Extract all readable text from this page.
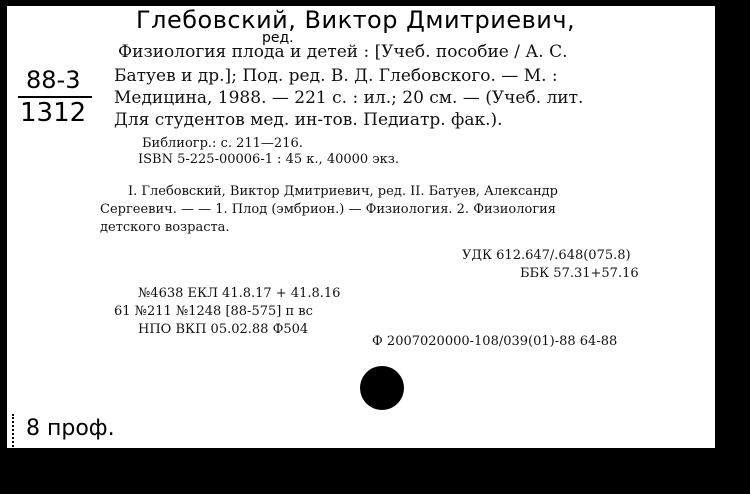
Глебовский, Виктор Дмитриевич,
ред.
88-3
1312
Физиология плода и детей : [Учеб. пособие / А. С.
Батуев и др.]; Под. ред. В. Д. Глебовского. — М. :
Медицина, 1988. — 221 с. : ил.; 20 см. — (Учеб. лит.
Для студентов мед. ин-тов. Педиатр. фак.).
Библиогр.: с. 211—216.
ISBN 5-225-00006-1 : 45 к., 40000 экз.
I. Глебовский, Виктор Дмитриевич, ред. II. Батуев, Александр
Сергеевич. — — 1. Плод (эмбрион.) — Физиология. 2. Физиология
детского возраста.
УДК 612.647/.648(075.8)
ББК 57.31+57.16
№4638 ЕКЛ 41.8.17 + 41.8.16
61 №211 №1248 [88-575] п вс
НПО ВКП 05.02.88 Ф504
Ф 2007020000-108/039(01)-88 64-88
8 проф.
